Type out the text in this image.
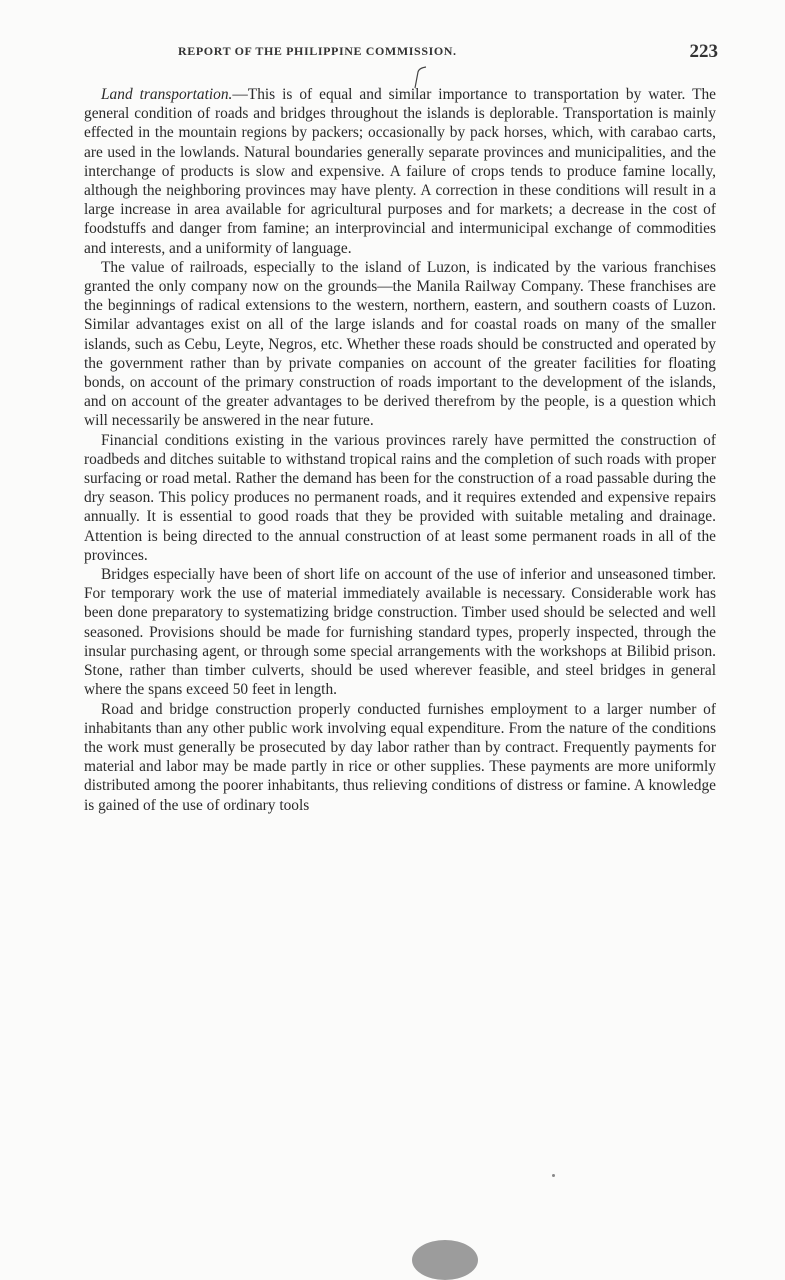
REPORT OF THE PHILIPPINE COMMISSION.	223

Land transportation.—This is of equal and similar importance to transportation by water. The general condition of roads and bridges throughout the islands is deplorable. Transportation is mainly effected in the mountain regions by packers; occasionally by pack horses, which, with carabao carts, are used in the lowlands. Natural boundaries generally separate provinces and municipalities, and the interchange of products is slow and expensive. A failure of crops tends to produce famine locally, although the neighboring provinces may have plenty. A correction in these conditions will result in a large increase in area available for agricultural purposes and for markets; a decrease in the cost of foodstuffs and danger from famine; an interprovincial and intermunicipal exchange of commodities and interests, and a uniformity of language.

The value of railroads, especially to the island of Luzon, is indicated by the various franchises granted the only company now on the grounds—the Manila Railway Company. These franchises are the beginnings of radical extensions to the western, northern, eastern, and southern coasts of Luzon. Similar advantages exist on all of the large islands and for coastal roads on many of the smaller islands, such as Cebu, Leyte, Negros, etc. Whether these roads should be constructed and operated by the government rather than by private companies on account of the greater facilities for floating bonds, on account of the primary construction of roads important to the development of the islands, and on account of the greater advantages to be derived therefrom by the people, is a question which will necessarily be answered in the near future.

Financial conditions existing in the various provinces rarely have permitted the construction of roadbeds and ditches suitable to withstand tropical rains and the completion of such roads with proper surfacing or road metal. Rather the demand has been for the construction of a road passable during the dry season. This policy produces no permanent roads, and it requires extended and expensive repairs annually. It is essential to good roads that they be provided with suitable metaling and drainage. Attention is being directed to the annual construction of at least some permanent roads in all of the provinces.

Bridges especially have been of short life on account of the use of inferior and unseasoned timber. For temporary work the use of material immediately available is necessary. Considerable work has been done preparatory to systematizing bridge construction. Timber used should be selected and well seasoned. Provisions should be made for furnishing standard types, properly inspected, through the insular purchasing agent, or through some special arrangements with the workshops at Bilibid prison. Stone, rather than timber culverts, should be used wherever feasible, and steel bridges in general where the spans exceed 50 feet in length.

Road and bridge construction properly conducted furnishes employment to a larger number of inhabitants than any other public work involving equal expenditure. From the nature of the conditions the work must generally be prosecuted by day labor rather than by contract. Frequently payments for material and labor may be made partly in rice or other supplies. These payments are more uniformly distributed among the poorer inhabitants, thus relieving conditions of distress or famine. A knowledge is gained of the use of ordinary tools
